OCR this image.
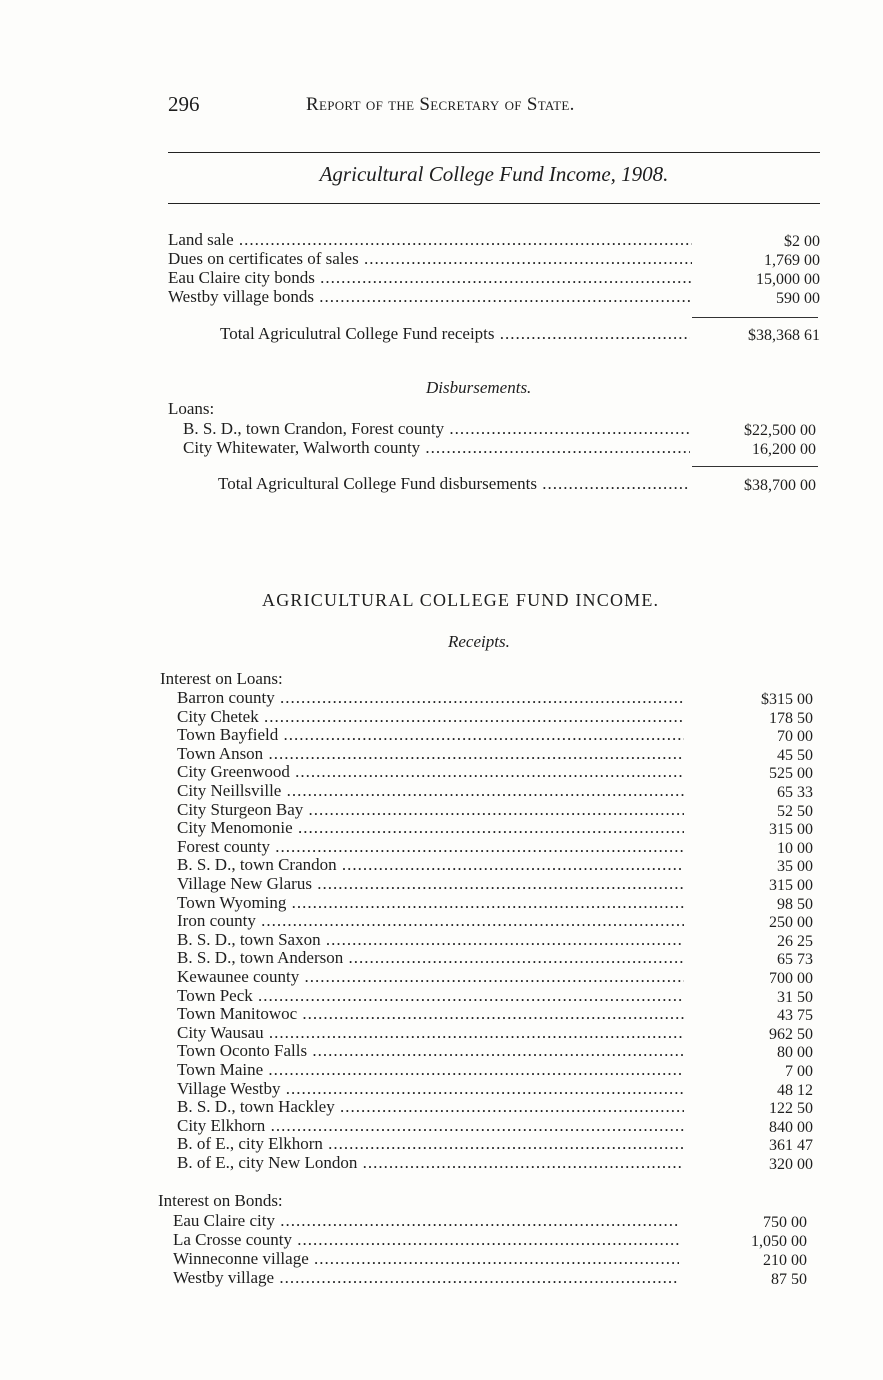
296	Report of the Secretary of State.
Agricultural College Fund Income, 1908.
Land sale .....	$2 00
Dues on certificates of sales .....	1,769 00
Eau Claire city bonds .....	15,000 00
Westby village bonds .....	590 00
Total Agriculutral College Fund receipts .....	$38,368 61
Disbursements.
Loans:
B. S. D., town Crandon, Forest county .....	$22,500 00
City Whitewater, Walworth county .....	16,200 00
Total Agricultural College Fund disbursements .....	$38,700 00
AGRICULTURAL COLLEGE FUND INCOME.
Receipts.
Interest on Loans:
Barron county .....	$315 00
City Chetek .....	178 50
Town Bayfield .....	70 00
Town Anson .....	45 50
City Greenwood .....	525 00
City Neillsville .....	65 33
City Sturgeon Bay .....	52 50
City Menomonie .....	315 00
Forest county .....	10 00
B. S. D., town Crandon .....	35 00
Village New Glarus .....	315 00
Town Wyoming .....	98 50
Iron county .....	250 00
B. S. D., town Saxon .....	26 25
B. S. D., town Anderson .....	65 73
Kewaunee county .....	700 00
Town Peck .....	31 50
Town Manitowoc .....	43 75
City Wausau .....	962 50
Town Oconto Falls .....	80 00
Town Maine .....	7 00
Village Westby .....	48 12
B. S. D., town Hackley .....	122 50
City Elkhorn .....	840 00
B. of E., city Elkhorn .....	361 47
B. of E., city New London .....	320 00
Interest on Bonds:
Eau Claire city .....	750 00
La Crosse county .....	1,050 00
Winneconne village .....	210 00
Westby village .....	87 50
